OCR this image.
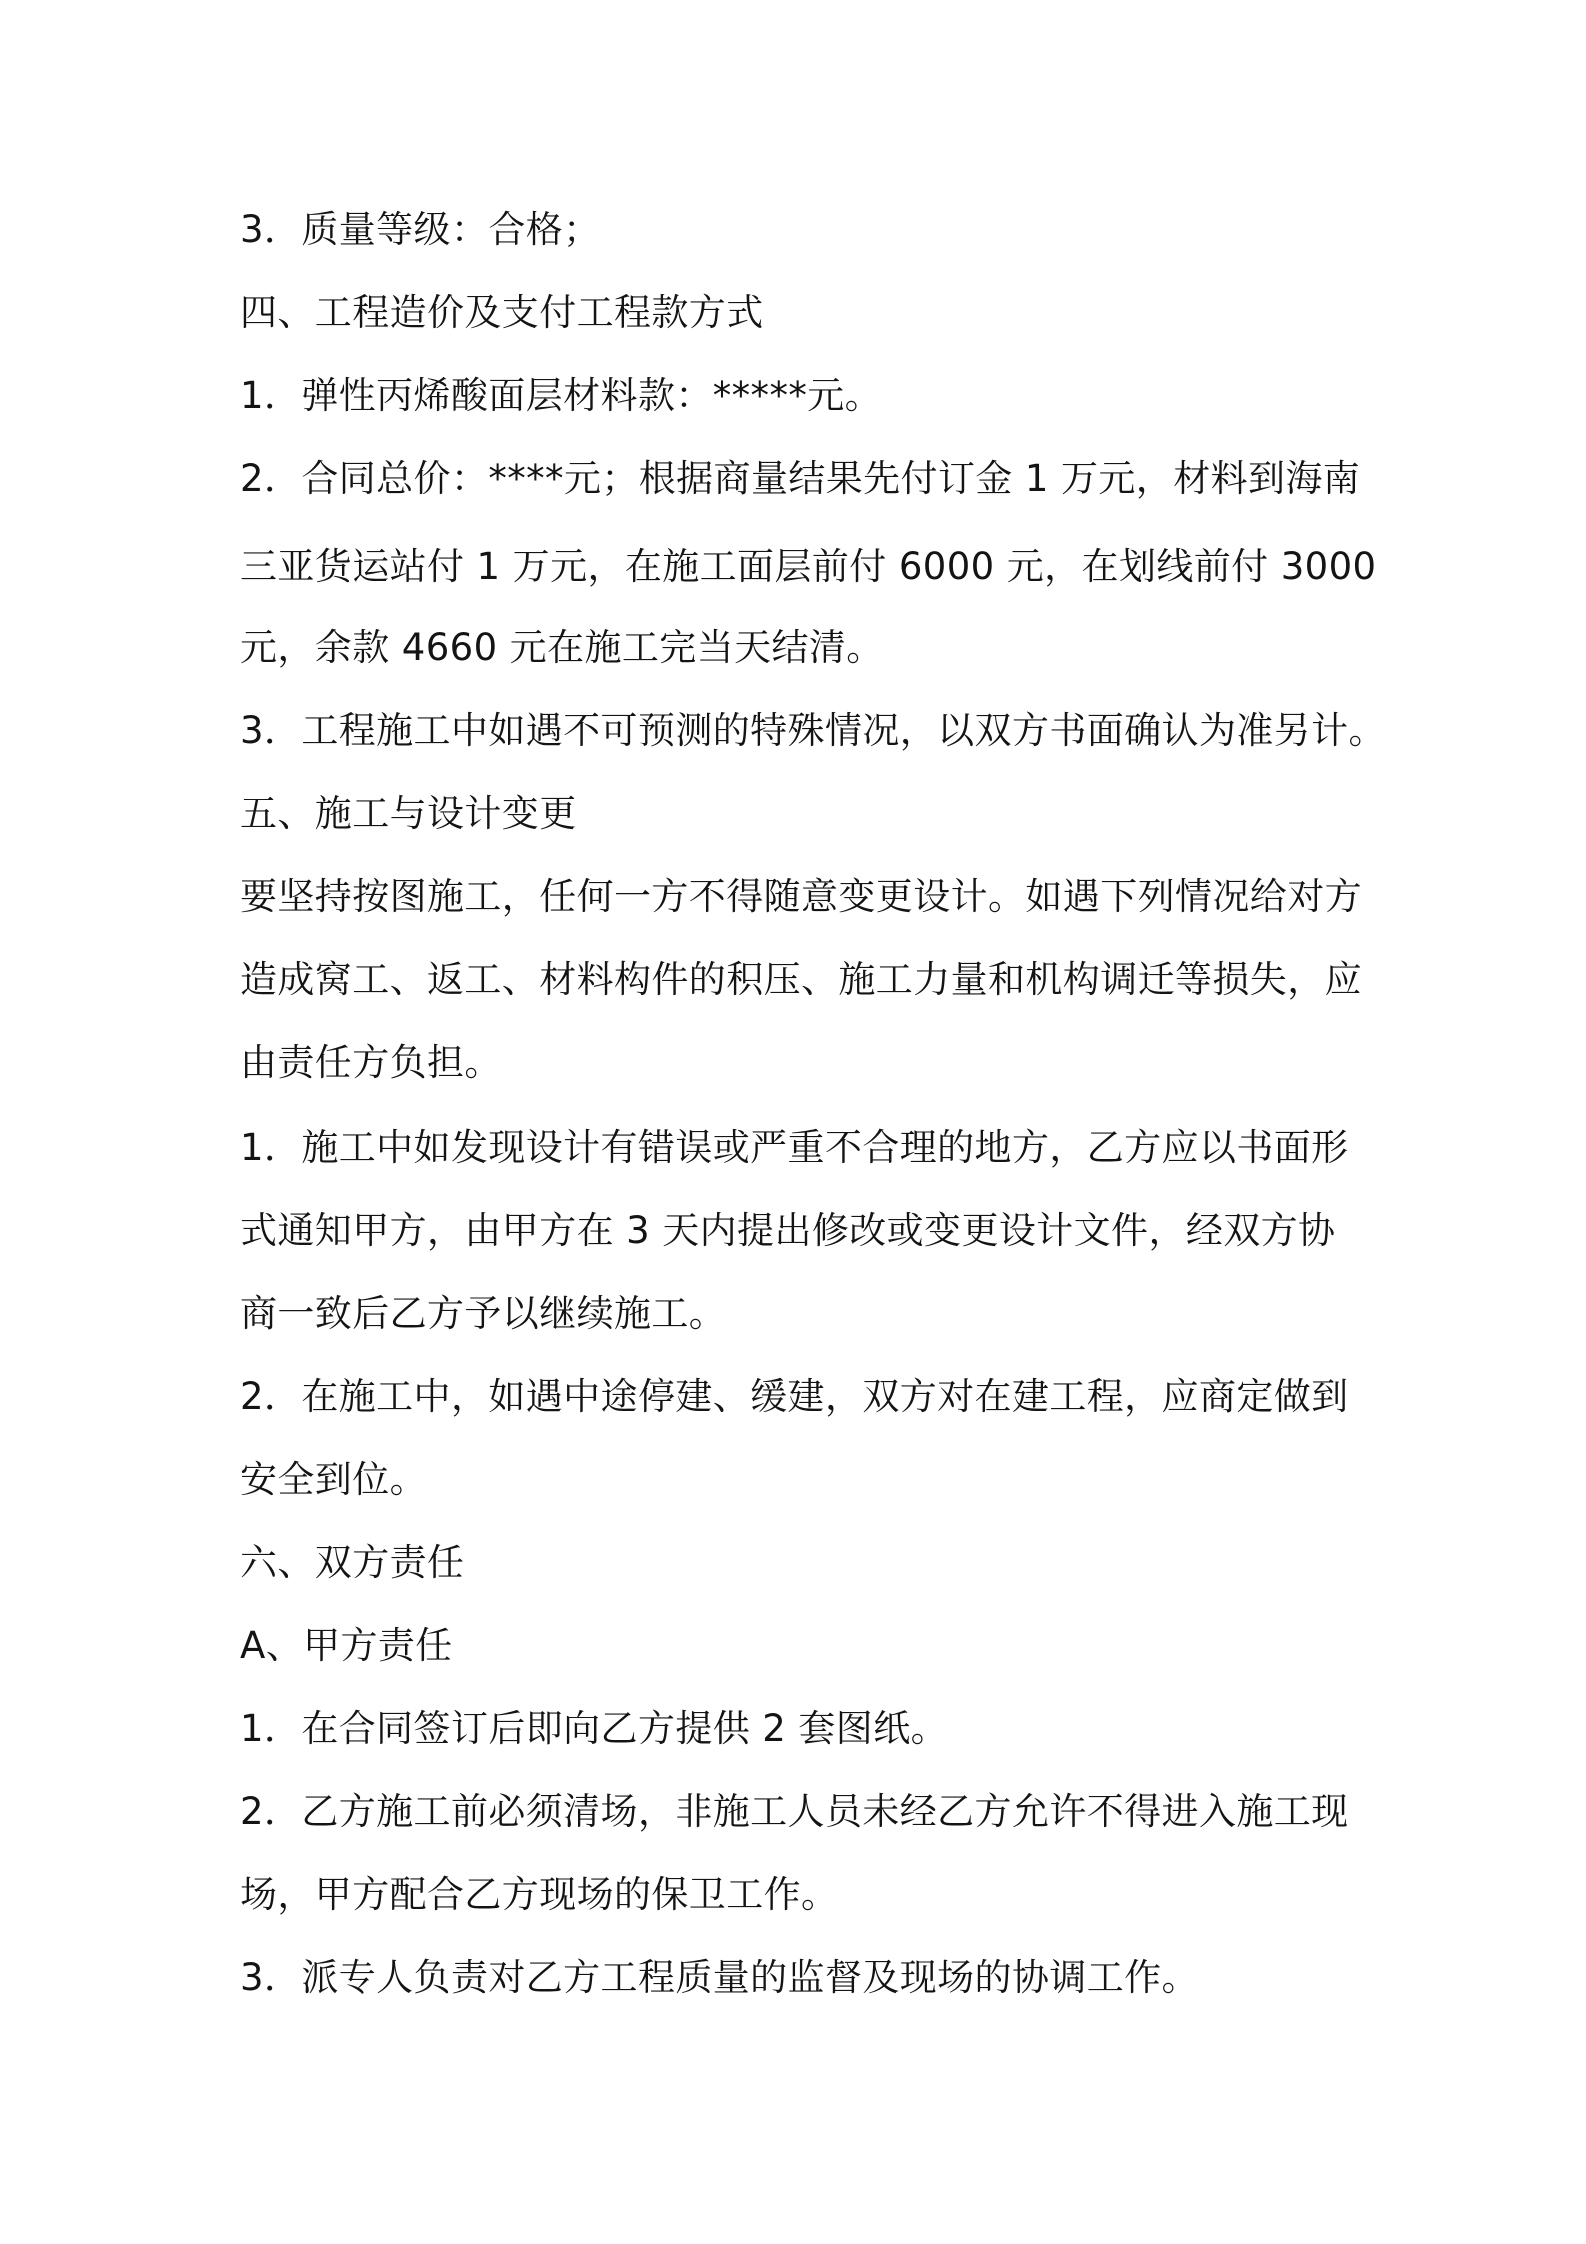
3．质量等级：合格；
四、工程造价及支付工程款方式
1．弹性丙烯酸面层材料款：*****元。
2．合同总价：****元；根据商量结果先付订金 1 万元，材料到海南
三亚货运站付 1 万元，在施工面层前付 6000 元，在划线前付 3000
元，余款 4660 元在施工完当天结清。
3．工程施工中如遇不可预测的特殊情况，以双方书面确认为准另计。
五、施工与设计变更
要坚持按图施工，任何一方不得随意变更设计。如遇下列情况给对方
造成窝工、返工、材料构件的积压、施工力量和机构调迁等损失，应
由责任方负担。
1．施工中如发现设计有错误或严重不合理的地方，乙方应以书面形
式通知甲方，由甲方在 3 天内提出修改或变更设计文件，经双方协
商一致后乙方予以继续施工。
2．在施工中，如遇中途停建、缓建，双方对在建工程，应商定做到
安全到位。
六、双方责任
A、甲方责任
1．在合同签订后即向乙方提供 2 套图纸。
2．乙方施工前必须清场，非施工人员未经乙方允许不得进入施工现
场，甲方配合乙方现场的保卫工作。
3．派专人负责对乙方工程质量的监督及现场的协调工作。
